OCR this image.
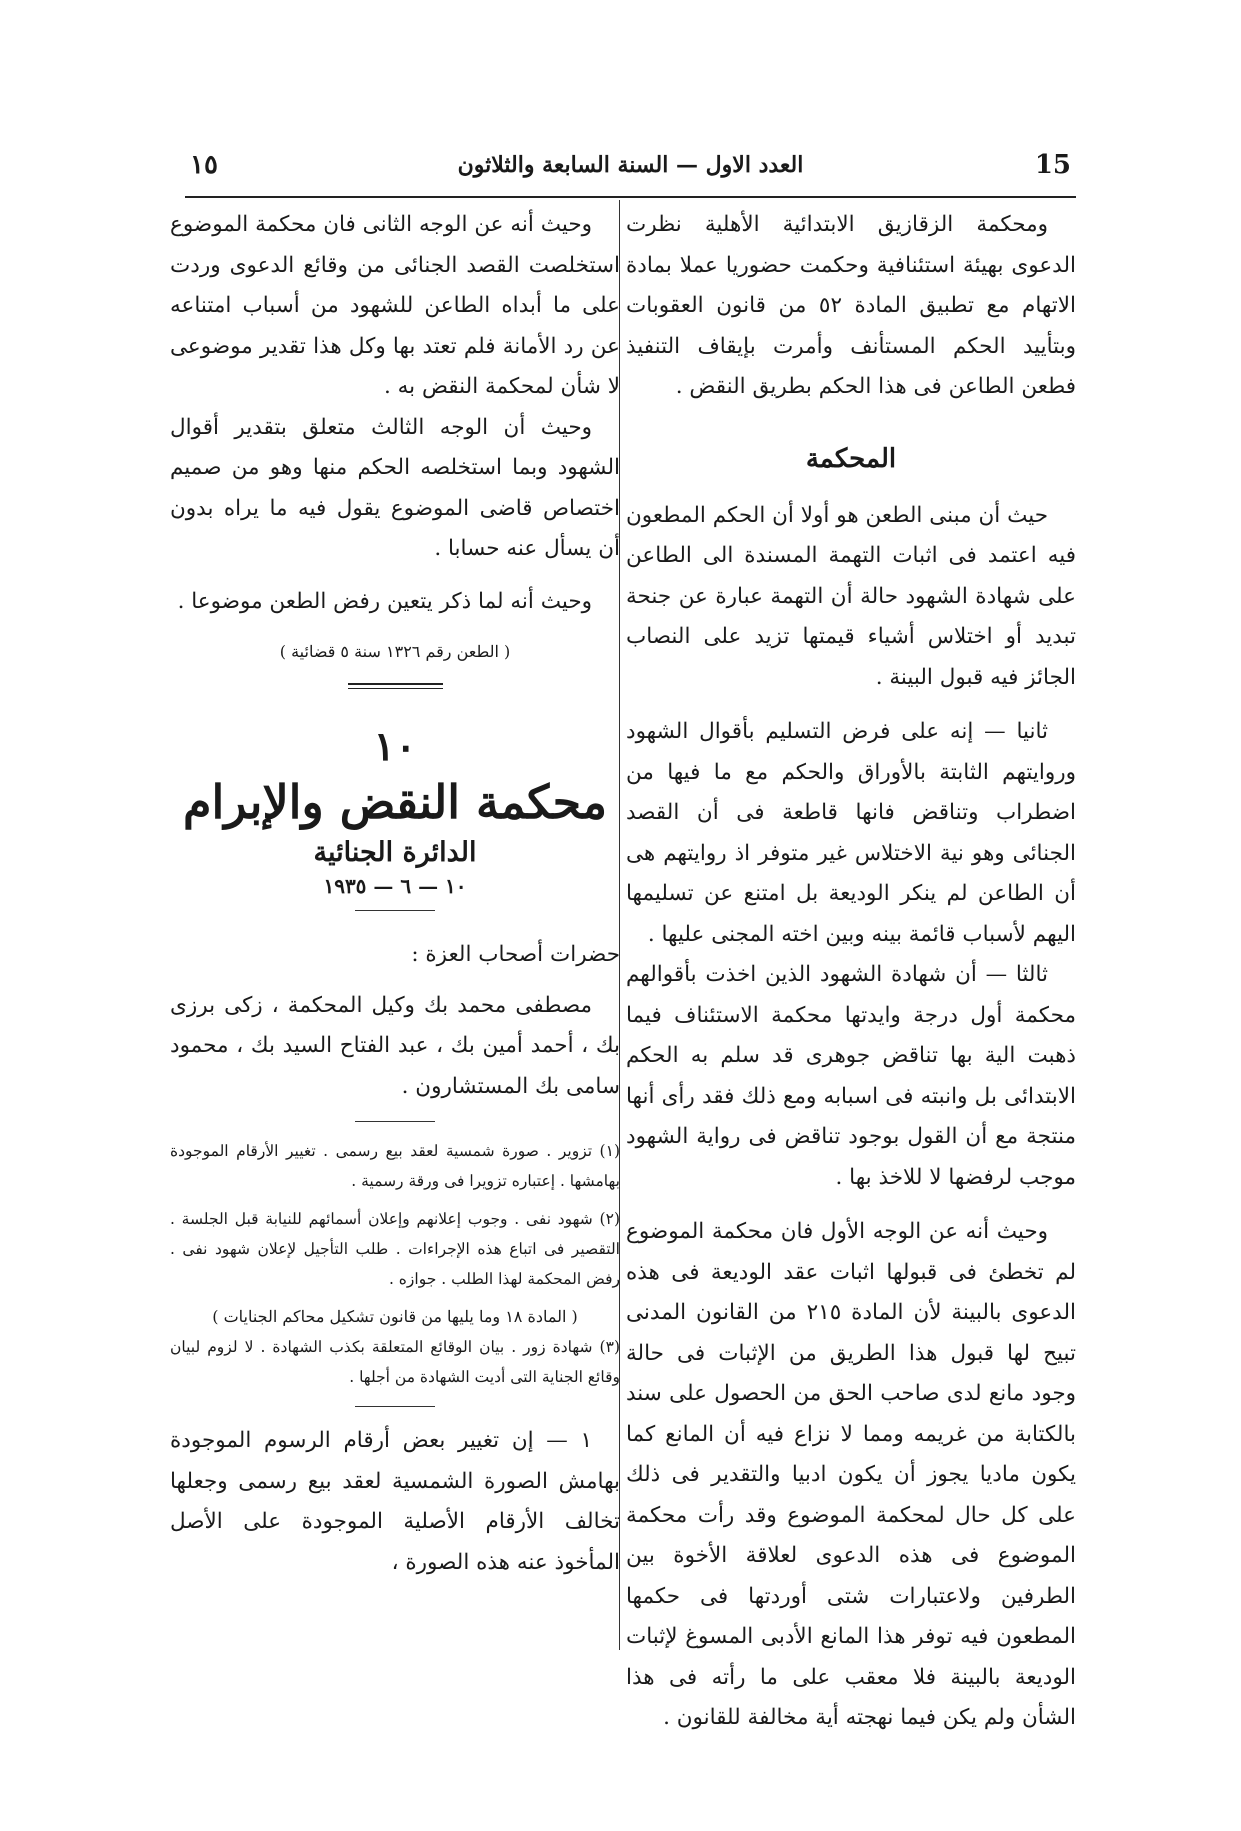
15
العدد الاول — السنة السابعة والثلاثون
١٥

ومحكمة الزقازيق الابتدائية الأهلية نظرت الدعوى بهيئة استئنافية وحكمت حضوريا عملا بمادة الاتهام مع تطبيق المادة ٥٢ من قانون العقوبات وبتأييد الحكم المستأنف وأمرت بإيقاف التنفيذ فطعن الطاعن فى هذا الحكم بطريق النقض .

المحكمة

حيث أن مبنى الطعن هو أولا أن الحكم المطعون فيه اعتمد فى اثبات التهمة المسندة الى الطاعن على شهادة الشهود حالة أن التهمة عبارة عن جنحة تبديد أو اختلاس أشياء قيمتها تزيد على النصاب الجائز فيه قبول البينة .

ثانيا — إنه على فرض التسليم بأقوال الشهود وروايتهم الثابتة بالأوراق والحكم مع ما فيها من اضطراب وتناقض فانها قاطعة فى أن القصد الجنائى وهو نية الاختلاس غير متوفر اذ روايتهم هى أن الطاعن لم ينكر الوديعة بل امتنع عن تسليمها اليهم لأسباب قائمة بينه وبين اخته المجنى عليها .

ثالثا — أن شهادة الشهود الذين اخذت بأقوالهم محكمة أول درجة وايدتها محكمة الاستئناف فيما ذهبت الية بها تناقض جوهرى قد سلم به الحكم الابتدائى بل وانبته فى اسبابه ومع ذلك فقد رأى أنها منتجة مع أن القول بوجود تناقض فى رواية الشهود موجب لرفضها لا للاخذ بها .

وحيث أنه عن الوجه الأول فان محكمة الموضوع لم تخطئ فى قبولها اثبات عقد الوديعة فى هذه الدعوى بالبينة لأن المادة ٢١٥ من القانون المدنى تبيح لها قبول هذا الطريق من الإثبات فى حالة وجود مانع لدى صاحب الحق من الحصول على سند بالكتابة من غريمه ومما لا نزاع فيه أن المانع كما يكون ماديا يجوز أن يكون ادبيا والتقدير فى ذلك على كل حال لمحكمة الموضوع وقد رأت محكمة الموضوع فى هذه الدعوى لعلاقة الأخوة بين الطرفين ولاعتبارات شتى أوردتها فى حكمها المطعون فيه توفر هذا المانع الأدبى المسوغ لإثبات الوديعة بالبينة فلا معقب على ما رأته فى هذا الشأن ولم يكن فيما نهجته أية مخالفة للقانون .

وحيث أنه عن الوجه الثانى فان محكمة الموضوع استخلصت القصد الجنائى من وقائع الدعوى وردت على ما أبداه الطاعن للشهود من أسباب امتناعه عن رد الأمانة فلم تعتد بها وكل هذا تقدير موضوعى لا شأن لمحكمة النقض به .

وحيث أن الوجه الثالث متعلق بتقدير أقوال الشهود وبما استخلصه الحكم منها وهو من صميم اختصاص قاضى الموضوع يقول فيه ما يراه بدون أن يسأل عنه حسابا .

وحيث أنه لما ذكر يتعين رفض الطعن موضوعا .

( الطعن رقم ١٣٢٦ سنة ٥ قضائية )
١٠
محكمة النقض والإبرام
الدائرة الجنائية
١٠ — ٦ — ١٩٣٥
حضرات أصحاب العزة :

مصطفى محمد بك وكيل المحكمة ، زكى برزى بك ، أحمد أمين بك ، عبد الفتاح السيد بك ، محمود سامى بك المستشارون .

(١) تزوير . صورة شمسية لعقد بيع رسمى . تغيير الأرقام الموجودة بهامشها . إعتباره تزويرا فى ورقة رسمية .
(٢) شهود نفى . وجوب إعلانهم وإعلان أسمائهم للنيابة قبل الجلسة . التقصير فى اتباع هذه الإجراءات . طلب التأجيل لإعلان شهود نفى . رفض المحكمة لهذا الطلب . جوازه .
( المادة ١٨ وما يليها من قانون تشكيل محاكم الجنايات )
(٣) شهادة زور . بيان الوقائع المتعلقة بكذب الشهادة . لا لزوم لبيان وقائع الجناية التى أديت الشهادة من أجلها .

١ — إن تغيير بعض أرقام الرسوم الموجودة بهامش الصورة الشمسية لعقد بيع رسمى وجعلها تخالف الأرقام الأصلية الموجودة على الأصل المأخوذ عنه هذه الصورة ،
